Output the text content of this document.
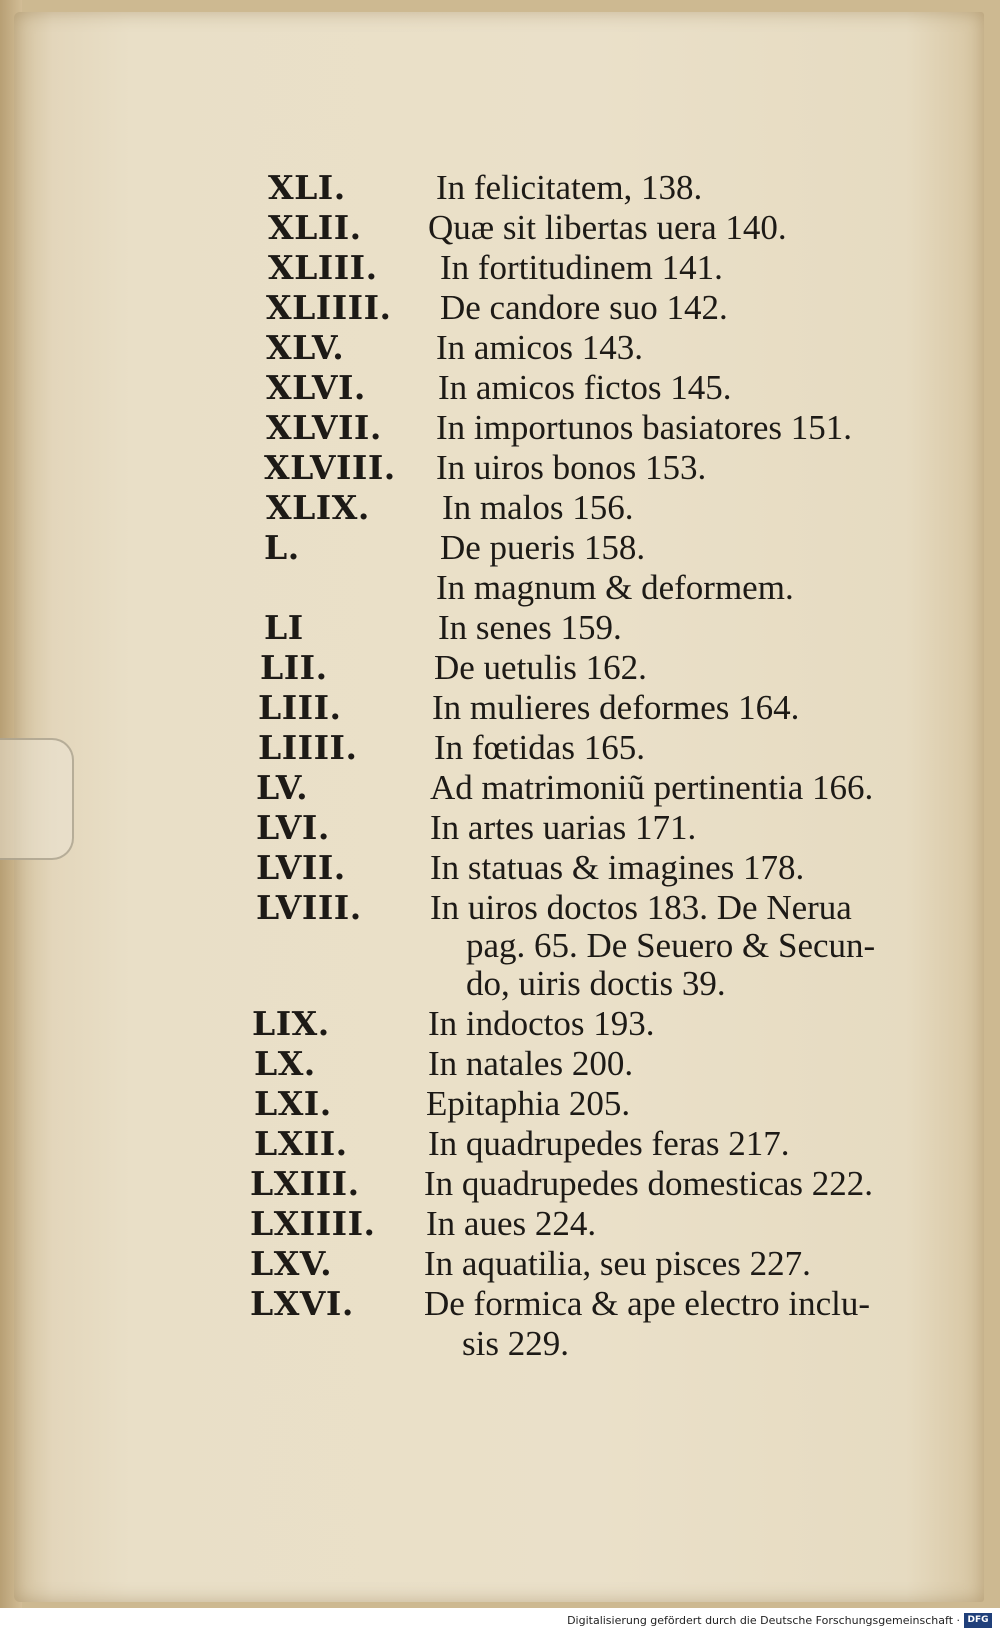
XLI.	In felicitatem, 138.
XLII. Quæ sit libertas uera 140.
XLIII. In fortitudinem 141.
XLIIII. De candore suo 142.
XLV.	In amicos 143.
XLVI. In amicos fictos 145.
XLVII. In importunos basiatores 151.
XLVIII. In uiros bonos 153.
XLIX. In malos 156.
L.	De pueris 158.
In magnum & deformem.
LI	In senes 159.
LII.	De uetulis 162.
LIII.	In mulieres deformes 164.
LIIII. In fœtidas 165.
LV.	Ad matrimoniũ pertinentia 166.
LVI.	In artes uarias 171.
LVII. In statuas & imagines 178.
LVIII. In uiros doctos 183. De Nerua
pag. 65. De Seuero & Secun-
do, uiris doctis 39.
LIX.	In indoctos 193.
LX.	In natales 200.
LXI.	Epitaphia 205.
LXII. In quadrupedes feras 217.
LXIII. In quadrupedes domesticas 222.
LXIIII. In aues 224.
LXV.	In aquatilia, seu pisces 227.
LXVI. De formica & ape electro inclu-
sis 229.
Digitalisierung gefördert durch die Deutsche Forschungsgemeinschaft · DFG
